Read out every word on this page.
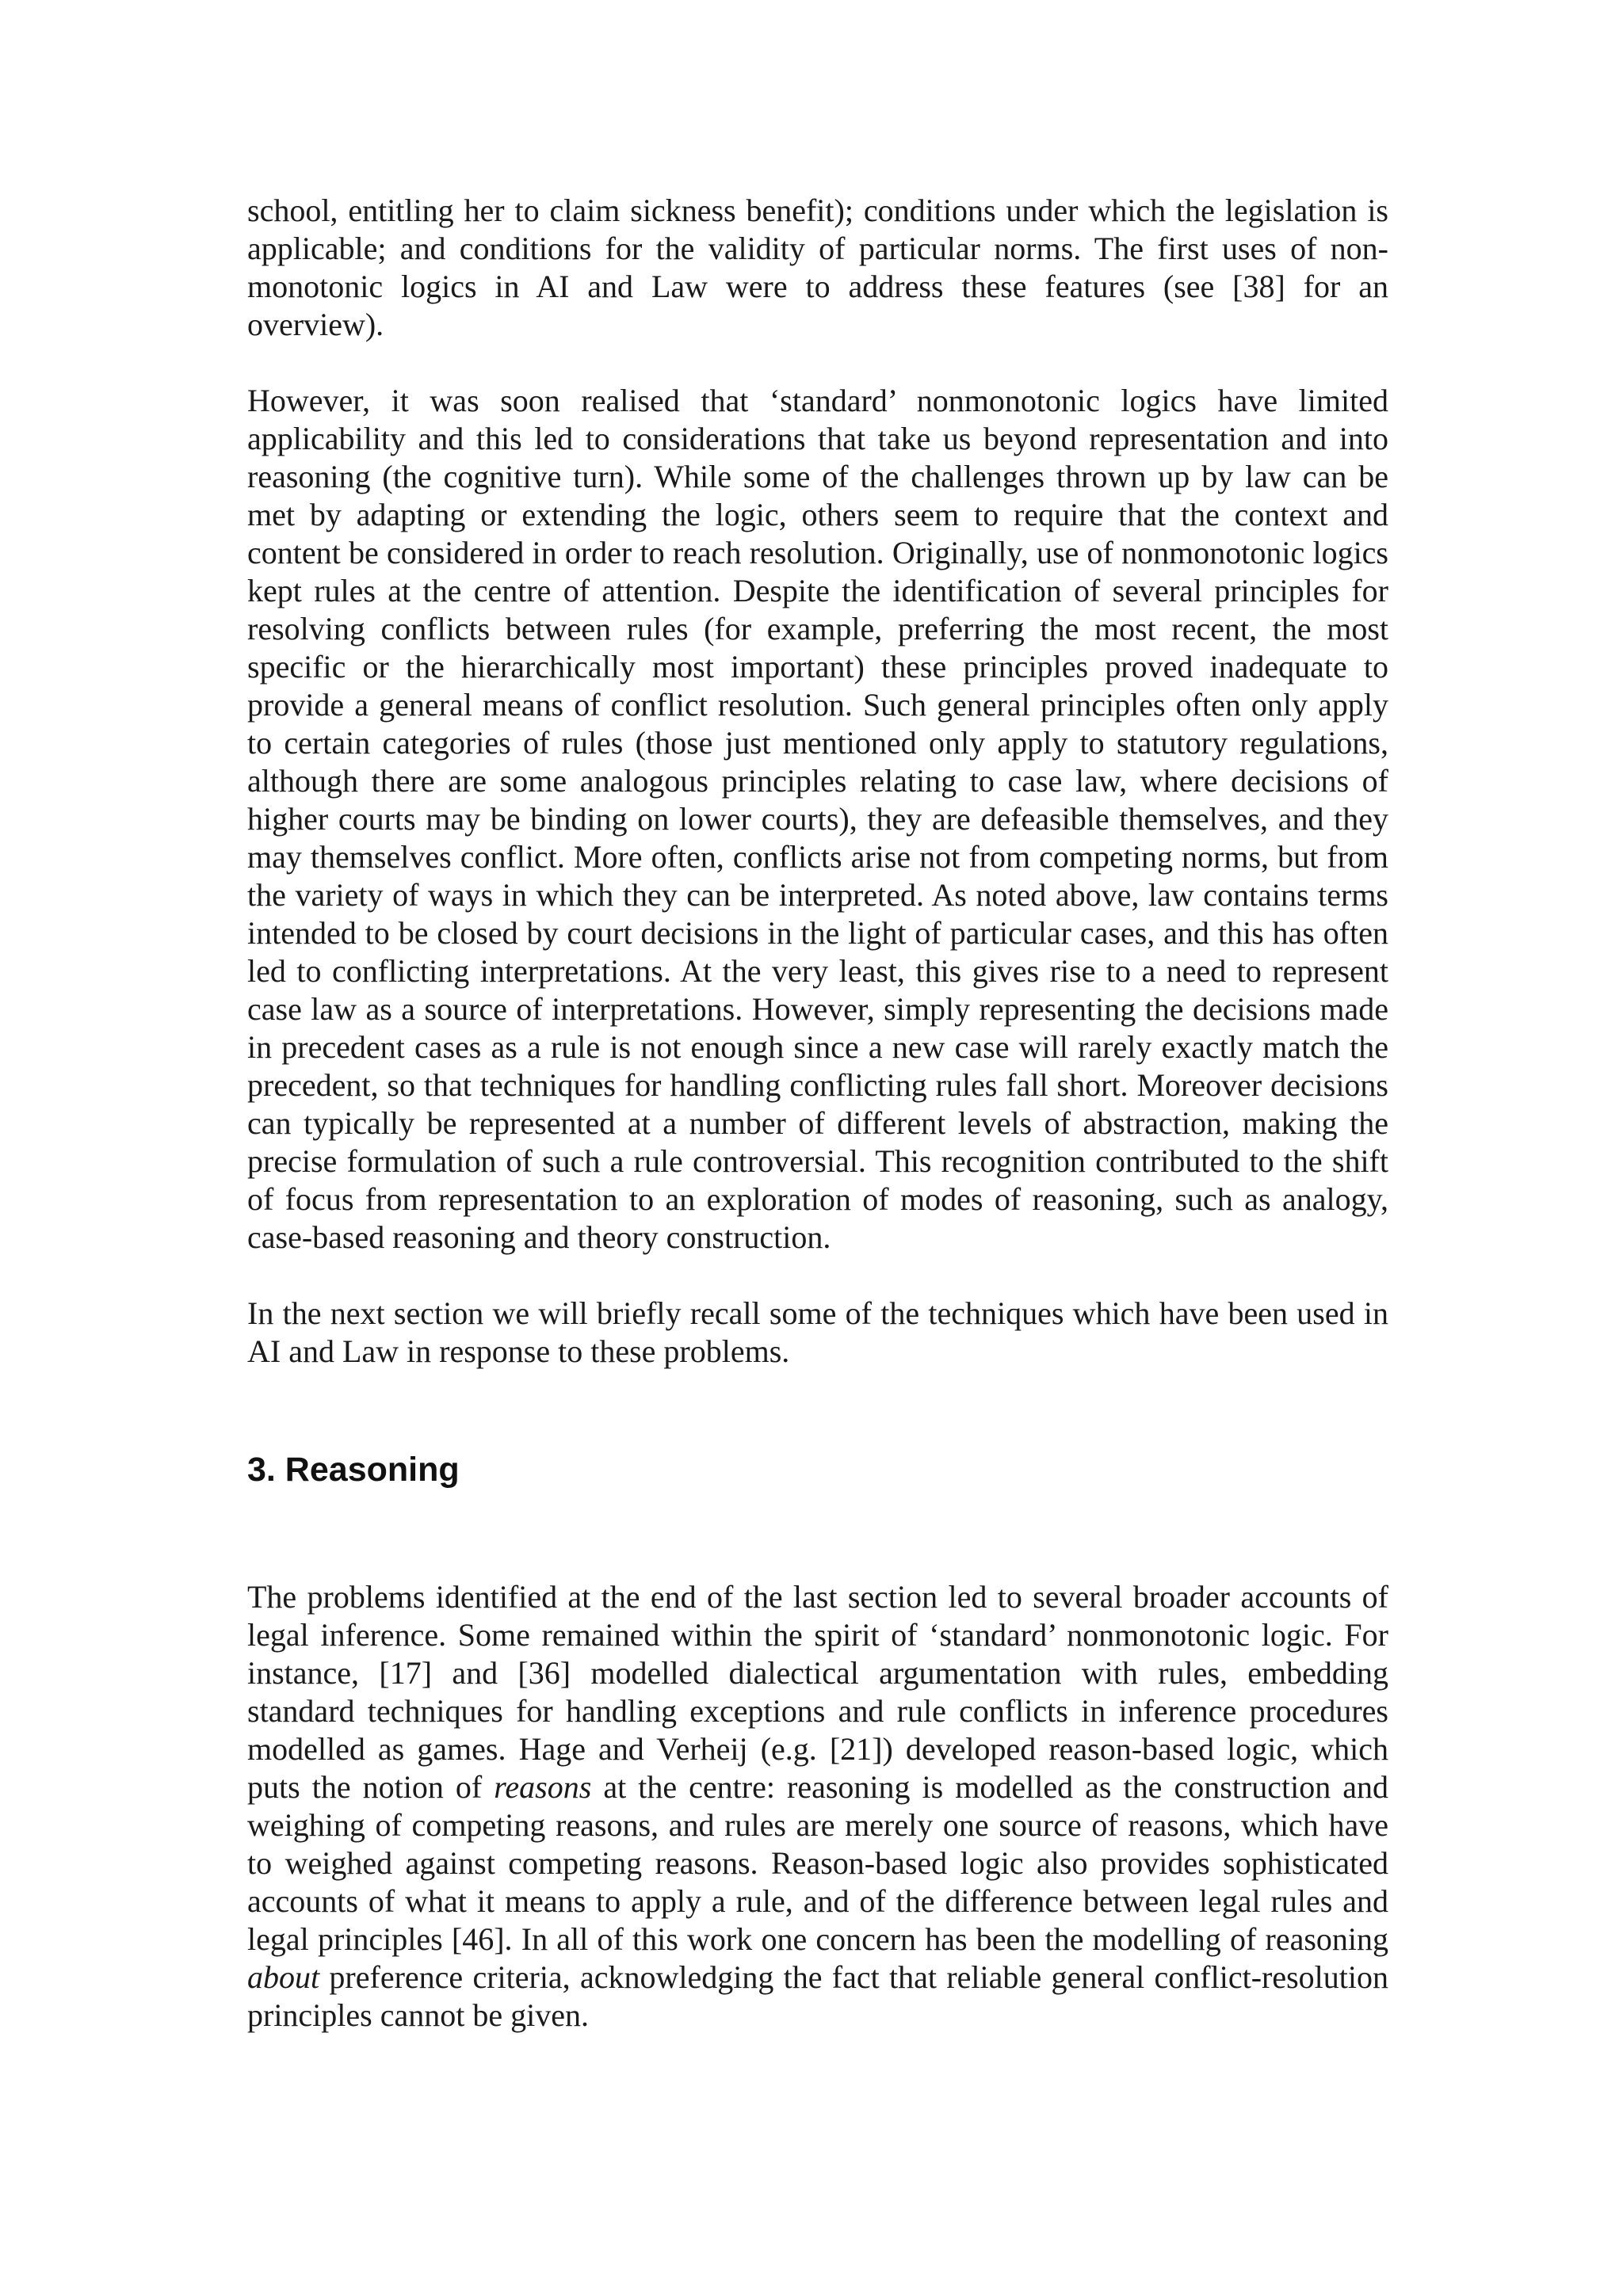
school, entitling her to claim sickness benefit); conditions under which the legislation is applicable; and conditions for the validity of particular norms. The first uses of non-monotonic logics in AI and Law were to address these features (see [38] for an overview).

However, it was soon realised that ‘standard’ nonmonotonic logics have limited applicability and this led to considerations that take us beyond representation and into reasoning (the cognitive turn). While some of the challenges thrown up by law can be met by adapting or extending the logic, others seem to require that the context and content be considered in order to reach resolution. Originally, use of nonmonotonic logics kept rules at the centre of attention. Despite the identification of several principles for resolving conflicts between rules (for example, preferring the most recent, the most specific or the hierarchically most important) these principles proved inadequate to provide a general means of conflict resolution. Such general principles often only apply to certain categories of rules (those just mentioned only apply to statutory regulations, although there are some analogous principles relating to case law, where decisions of higher courts may be binding on lower courts), they are defeasible themselves, and they may themselves conflict. More often, conflicts arise not from competing norms, but from the variety of ways in which they can be interpreted. As noted above, law contains terms intended to be closed by court decisions in the light of particular cases, and this has often led to conflicting interpretations. At the very least, this gives rise to a need to represent case law as a source of interpretations. However, simply representing the decisions made in precedent cases as a rule is not enough since a new case will rarely exactly match the precedent, so that techniques for handling conflicting rules fall short. Moreover decisions can typically be represented at a number of different levels of abstraction, making the precise formulation of such a rule controversial. This recognition contributed to the shift of focus from representation to an exploration of modes of reasoning, such as analogy, case-based reasoning and theory construction.

In the next section we will briefly recall some of the techniques which have been used in AI and Law in response to these problems.

3. Reasoning

The problems identified at the end of the last section led to several broader accounts of legal inference. Some remained within the spirit of ‘standard’ nonmonotonic logic. For instance, [17] and [36] modelled dialectical argumentation with rules, embedding standard techniques for handling exceptions and rule conflicts in inference procedures modelled as games. Hage and Verheij (e.g. [21]) developed reason-based logic, which puts the notion of reasons at the centre: reasoning is modelled as the construction and weighing of competing reasons, and rules are merely one source of reasons, which have to weighed against competing reasons. Reason-based logic also provides sophisticated accounts of what it means to apply a rule, and of the difference between legal rules and legal principles [46]. In all of this work one concern has been the modelling of reasoning about preference criteria, acknowledging the fact that reliable general conflict-resolution principles cannot be given.
